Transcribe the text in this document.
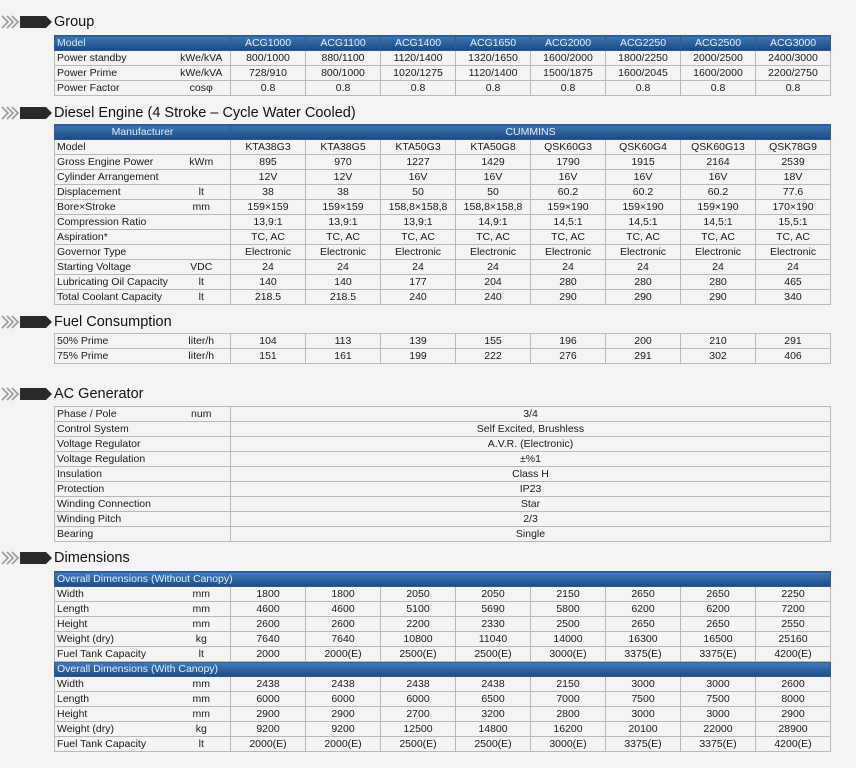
Group
Diesel Engine (4 Stroke – Cycle Water Cooled)
Fuel Consumption
AC Generator
Dimensions
Model		ACG1000	ACG1100	ACG1400	ACG1650	ACG2000	ACG2250	ACG2500	ACG3000
Power standby	kWe/kVA	800/1000	880/1100	1120/1400	1320/1650	1600/2000	1800/2250	2000/2500	2400/3000
Power Prime	kWe/kVA	728/910	800/1000	1020/1275	1120/1400	1500/1875	1600/2045	1600/2000	2200/2750
Power Factor	cosφ	0.8	0.8	0.8	0.8	0.8	0.8	0.8	0.8
Manufacturer		CUMMINS							
Model		KTA38G3	KTA38G5	KTA50G3	KTA50G8	QSK60G3	QSK60G4	QSK60G13	QSK78G9
Gross Engine Power	kWm	895	970	1227	1429	1790	1915	2164	2539
Cylinder Arrangement		12V	12V	16V	16V	16V	16V	16V	18V
Displacement	lt	38	38	50	50	60.2	60.2	60.2	77.6
Bore×Stroke	mm	159×159	159×159	158,8×158,8	158,8×158,8	159×190	159×190	159×190	170×190
Compression Ratio		13,9:1	13,9:1	13,9:1	14,9:1	14,5:1	14,5:1	14,5:1	15,5:1
Aspiration*		TC, AC	TC, AC	TC, AC	TC, AC	TC, AC	TC, AC	TC, AC	TC, AC
Governor Type		Electronic	Electronic	Electronic	Electronic	Electronic	Electronic	Electronic	Electronic
Starting Voltage	VDC	24	24	24	24	24	24	24	24
Lubricating Oil Capacity	lt	140	140	177	204	280	280	280	465
Total Coolant Capacity	lt	218.5	218.5	240	240	290	290	290	340
50% Prime	liter/h	104	113	139	155	196	200	210	291
75% Prime	liter/h	151	161	199	222	276	291	302	406
Phase / Pole	num	3/4
Control System		Self Excited, Brushless
Voltage Regulator		A.V.R. (Electronic)
Voltage Regulation		±%1
Insulation		Class H
Protection		IP23
Winding Connection		Star
Winding Pitch		2/3
Bearing		Single
Overall Dimensions (Without Canopy)									
Width	mm	1800	1800	2050	2050	2150	2650	2650	2250
Length	mm	4600	4600	5100	5690	5800	6200	6200	7200
Height	mm	2600	2600	2200	2330	2500	2650	2650	2550
Weight (dry)	kg	7640	7640	10800	11040	14000	16300	16500	25160
Fuel Tank Capacity	lt	2000	2000(E)	2500(E)	2500(E)	3000(E)	3375(E)	3375(E)	4200(E)
Overall Dimensions (With Canopy)									
Width	mm	2438	2438	2438	2438	2150	3000	3000	2600
Length	mm	6000	6000	6000	6500	7000	7500	7500	8000
Height	mm	2900	2900	2700	3200	2800	3000	3000	2900
Weight (dry)	kg	9200	9200	12500	14800	16200	20100	22000	28900
Fuel Tank Capacity	lt	2000(E)	2000(E)	2500(E)	2500(E)	3000(E)	3375(E)	3375(E)	4200(E)
